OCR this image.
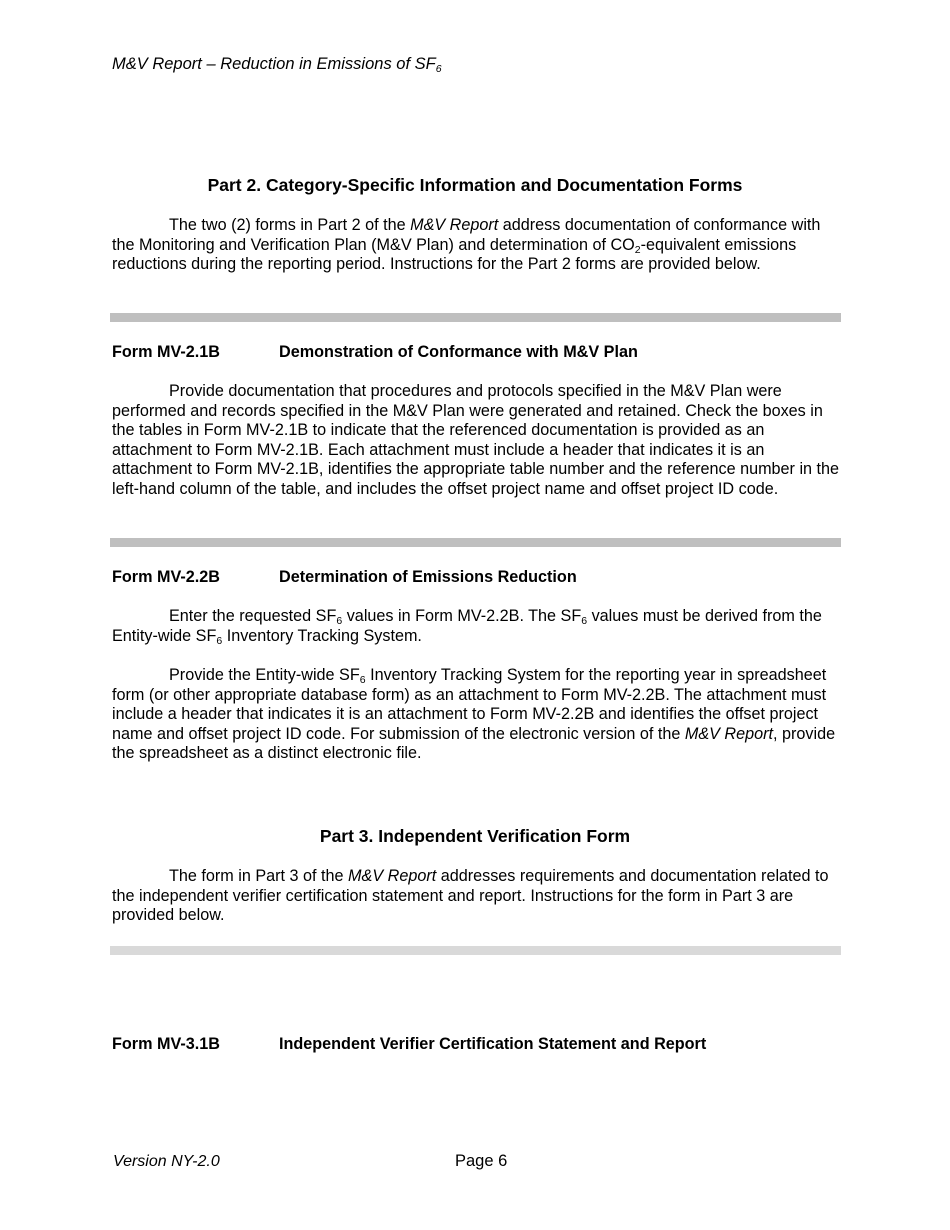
M&V Report – Reduction in Emissions of $SF_6$
Part 2. Category-Specific Information and Documentation Forms

The two (2) forms in Part 2 of the M&V Report address documentation of conformance with the Monitoring and Verification Plan (M&V Plan) and determination of $CO_2$-equivalent emissions reductions during the reporting period. Instructions for the Part 2 forms are provided below.

Form MV-2.1B	Demonstration of Conformance with M&V Plan

Provide documentation that procedures and protocols specified in the M&V Plan were performed and records specified in the M&V Plan were generated and retained. Check the boxes in the tables in Form MV-2.1B to indicate that the referenced documentation is provided as an attachment to Form MV-2.1B. Each attachment must include a header that indicates it is an attachment to Form MV-2.1B, identifies the appropriate table number and the reference number in the left-hand column of the table, and includes the offset project name and offset project ID code.

Form MV-2.2B	Determination of Emissions Reduction

Enter the requested $SF_6$ values in Form MV-2.2B. The $SF_6$ values must be derived from the Entity-wide $SF_6$ Inventory Tracking System.

Provide the Entity-wide $SF_6$ Inventory Tracking System for the reporting year in spreadsheet form (or other appropriate database form) as an attachment to Form MV-2.2B. The attachment must include a header that indicates it is an attachment to Form MV-2.2B and identifies the offset project name and offset project ID code. For submission of the electronic version of the M&V Report, provide the spreadsheet as a distinct electronic file.

Part 3. Independent Verification Form

The form in Part 3 of the M&V Report addresses requirements and documentation related to the independent verifier certification statement and report. Instructions for the form in Part 3 are provided below.

Form MV-3.1B	Independent Verifier Certification Statement and Report
Version NY-2.0	Page 6
